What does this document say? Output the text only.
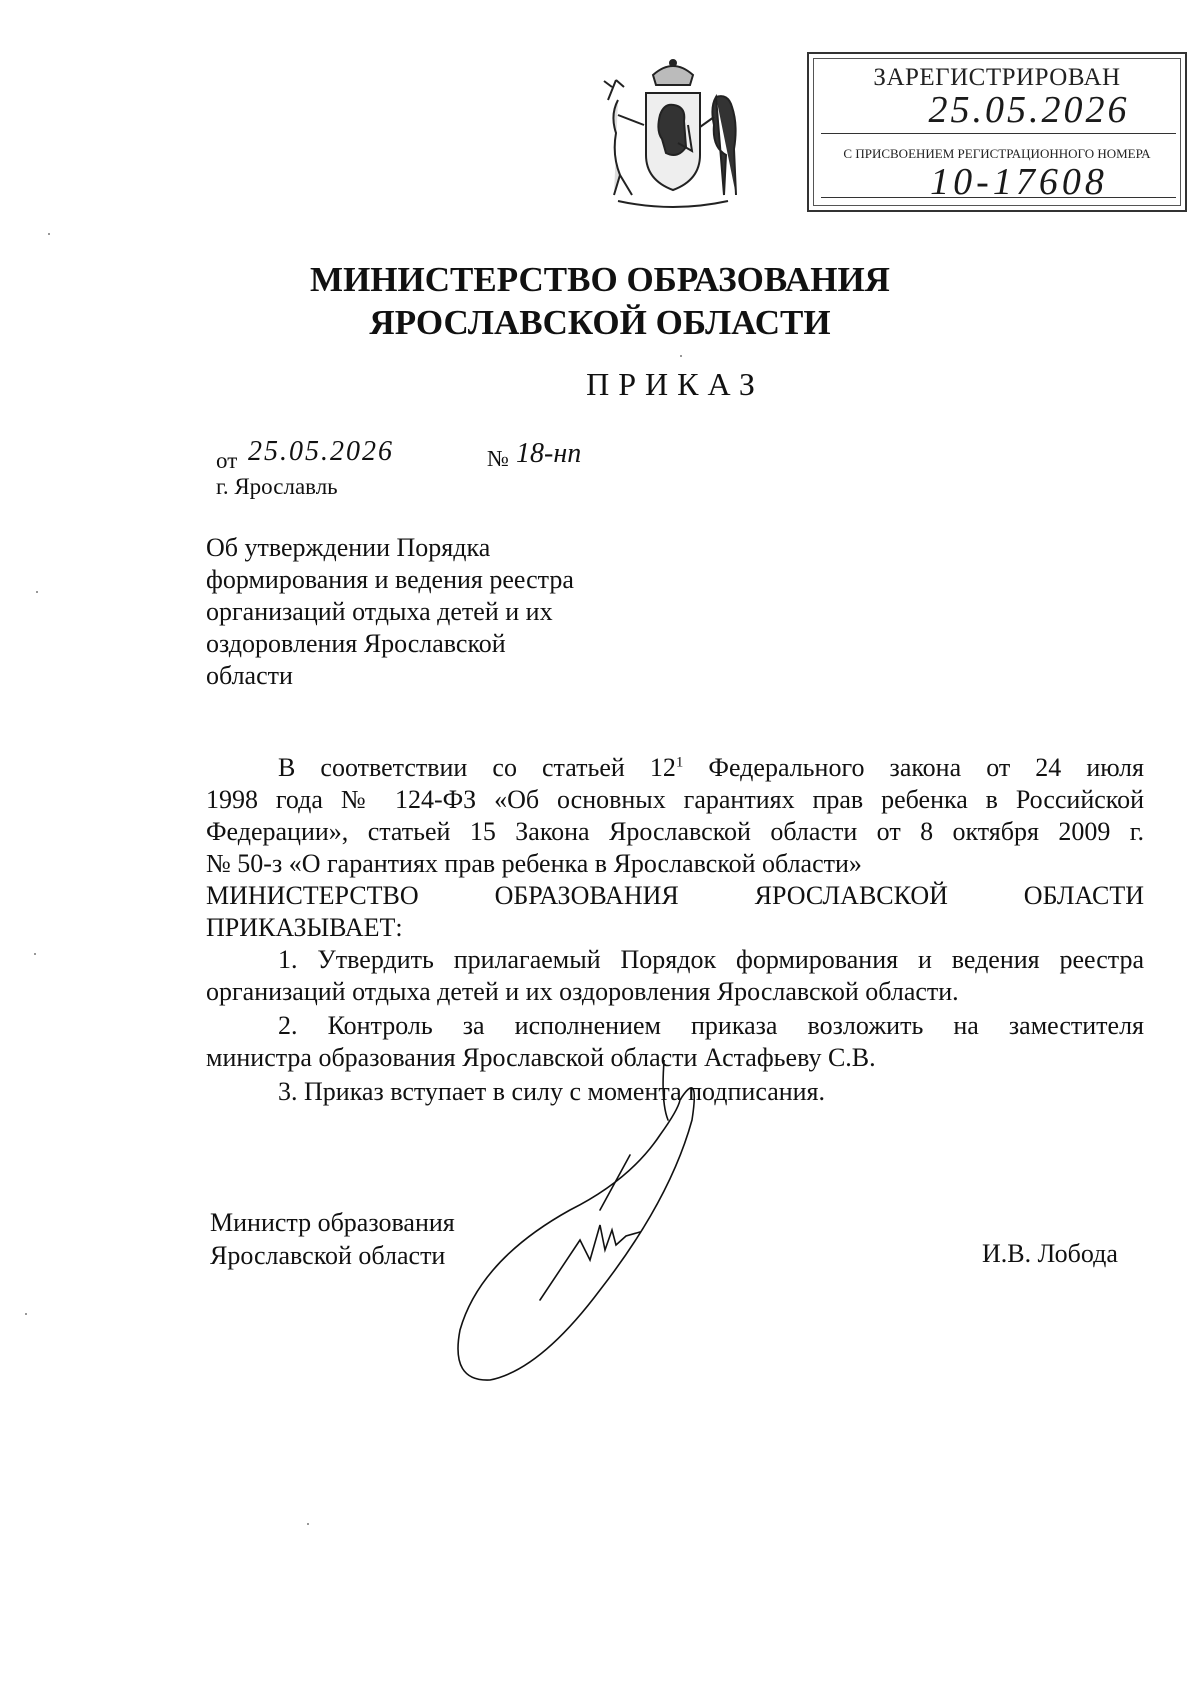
ЗАРЕГИСТРИРОВАН
25.05.2026
С ПРИСВОЕНИЕМ РЕГИСТРАЦИОННОГО НОМЕРА
10-17608
МИНИСТЕРСТВО ОБРАЗОВАНИЯ
ЯРОСЛАВСКОЙ ОБЛАСТИ
ПРИКАЗ
от 25.05.2026	№ 18-нп
г. Ярославль
Об утверждении Порядка
формирования и ведения реестра
организаций отдыха детей и их
оздоровления Ярославской
области
В соответствии со статьей $12^1$ Федерального закона от 24 июля
1998 года № 124-ФЗ «Об основных гарантиях прав ребенка в Российской
Федерации», статьей 15 Закона Ярославской области от 8 октября 2009 г.
№ 50-з «О гарантиях прав ребенка в Ярославской области»
МИНИСТЕРСТВО	ОБРАЗОВАНИЯ	ЯРОСЛАВСКОЙ	ОБЛАСТИ
ПРИКАЗЫВАЕТ:
1. Утвердить прилагаемый Порядок формирования и ведения реестра
организаций отдыха детей и их оздоровления Ярославской области.
2. Контроль за исполнением приказа возложить на заместителя
министра образования Ярославской области Астафьеву С.В.
3. Приказ вступает в силу с момента подписания.
Министр образования
Ярославской области	И.В. Лобода
